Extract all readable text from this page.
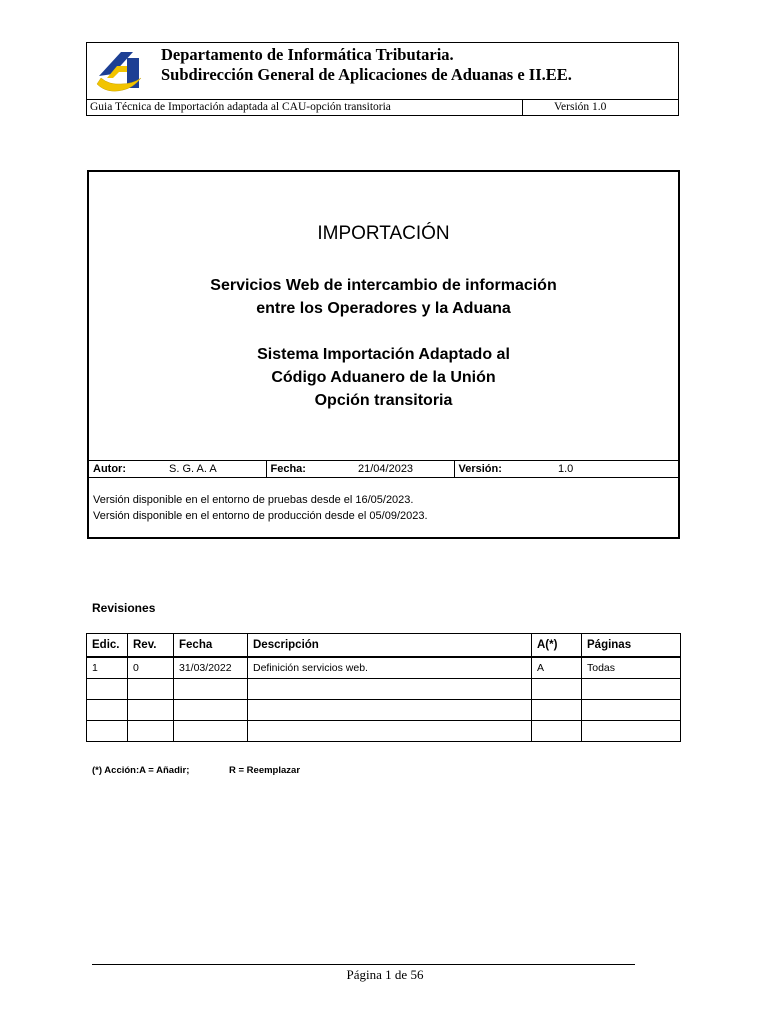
Departamento de Informática Tributaria.
Subdirección General de Aplicaciones de Aduanas e II.EE.
Guia Técnica de Importación adaptada al CAU-opción transitoria	Versión 1.0
IMPORTACIÓN
Servicios Web de intercambio de información
entre los Operadores y la Aduana
Sistema Importación Adaptado al
Código Aduanero de la Unión
Opción transitoria
Autor:	S. G. A. A	Fecha:	21/04/2023	Versión:	1.0
Versión disponible en el entorno de pruebas desde el 16/05/2023.
Versión disponible en el entorno de producción desde el 05/09/2023.
Revisiones
Edic.	Rev.	Fecha	Descripción	A(*)	Páginas
1	0	31/03/2022	Definición servicios web.	A	Todas

(*) Acción:A = Añadir;	R = Reemplazar
Página 1 de 56
